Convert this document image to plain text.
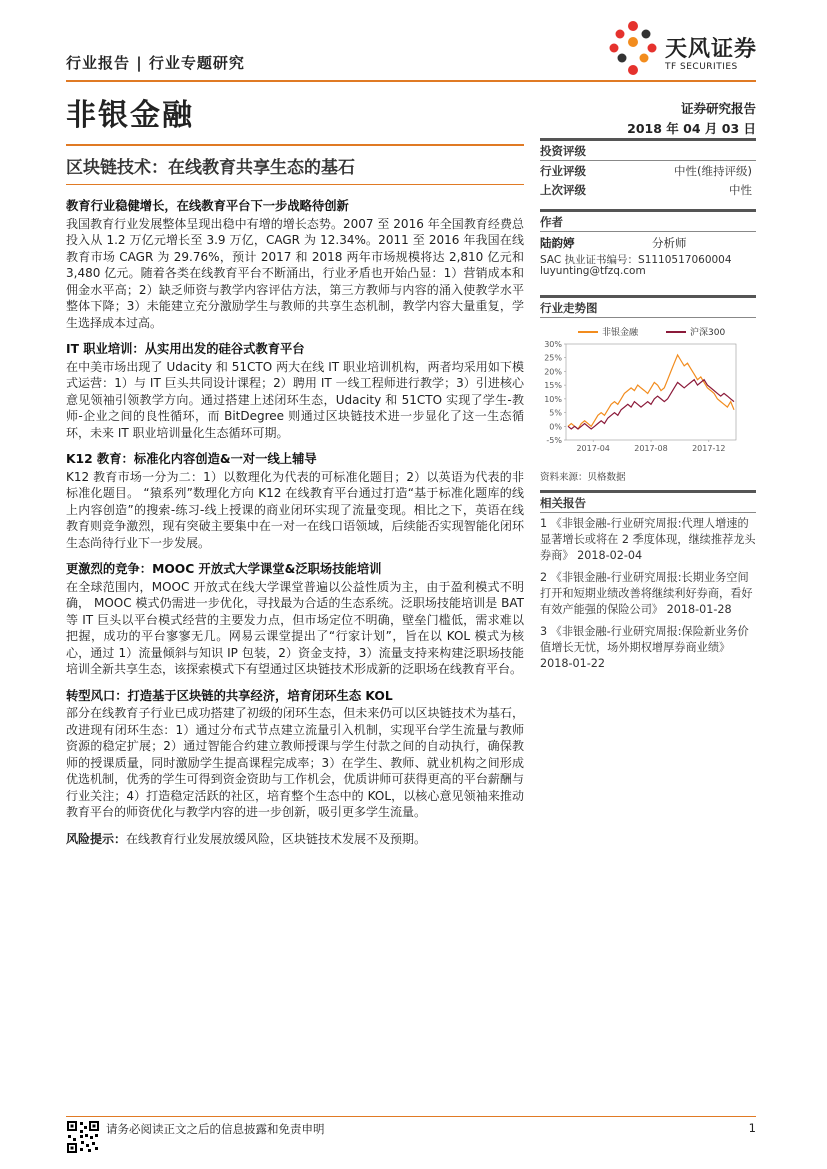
行业报告 | 行业专题研究
天风证券
TF SECURITIES
非银金融	证券研究报告
2018 年 04 月 03 日
区块链技术：在线教育共享生态的基石
教育行业稳健增长，在线教育平台下一步战略待创新
我国教育行业发展整体呈现出稳中有增的增长态势。2007 至 2016 年全国教育经费总投入从 1.2 万亿元增长至 3.9 万亿，CAGR 为 12.34%。2011 至 2016 年我国在线教育市场 CAGR 为 29.76%，预计 2017 和 2018 两年市场规模将达 2,810 亿元和 3,480 亿元。随着各类在线教育平台不断涌出，行业矛盾也开始凸显：1）营销成本和佣金水平高；2）缺乏师资与教学内容评估方法，第三方教师与内容的涌入使教学水平整体下降；3）未能建立充分激励学生与教师的共享生态机制，教学内容大量重复，学生选择成本过高。
IT 职业培训：从实用出发的硅谷式教育平台
在中美市场出现了 Udacity 和 51CTO 两大在线 IT 职业培训机构，两者均采用如下模式运营：1）与 IT 巨头共同设计课程；2）聘用 IT 一线工程师进行教学；3）引进核心意见领袖引领教学方向。通过搭建上述闭环生态，Udacity 和 51CTO 实现了学生-教师-企业之间的良性循环，而 BitDegree 则通过区块链技术进一步显化了这一生态循环，未来 IT 职业培训量化生态循环可期。
K12 教育：标准化内容创造&一对一线上辅导
K12 教育市场一分为二：1）以数理化为代表的可标准化题目；2）以英语为代表的非标准化题目。 “猿系列”数理化方向 K12 在线教育平台通过打造“基于标准化题库的线上内容创造”的搜索-练习-线上授课的商业闭环实现了流量变现。相比之下，英语在线教育则竞争激烈，现有突破主要集中在一对一在线口语领域，后续能否实现智能化闭环生态尚待行业下一步发展。
更激烈的竞争：MOOC 开放式大学课堂&泛职场技能培训
在全球范围内，MOOC 开放式在线大学课堂普遍以公益性质为主，由于盈利模式不明确， MOOC 模式仍需进一步优化，寻找最为合适的生态系统。泛职场技能培训是 BAT 等 IT 巨头以平台模式经营的主要发力点，但市场定位不明确，壁垒门槛低，需求难以把握，成功的平台寥寥无几。网易云课堂提出了“行家计划”，旨在以 KOL 模式为核心，通过 1）流量倾斜与知识 IP 包装，2）资金支持，3）流量支持来构建泛职场技能培训全新共享生态，该探索模式下有望通过区块链技术形成新的泛职场在线教育平台。
转型风口：打造基于区块链的共享经济，培育闭环生态 KOL
部分在线教育子行业已成功搭建了初级的闭环生态，但未来仍可以区块链技术为基石，改进现有闭环生态：1）通过分布式节点建立流量引入机制，实现平台学生流量与教师资源的稳定扩展；2）通过智能合约建立教师授课与学生付款之间的自动执行，确保教师的授课质量，同时激励学生提高课程完成率；3）在学生、教师、就业机构之间形成优选机制，优秀的学生可得到资金资助与工作机会，优质讲师可获得更高的平台薪酬与行业关注；4）打造稳定活跃的社区，培育整个生态中的 KOL，以核心意见领袖来推动教育平台的师资优化与教学内容的进一步创新，吸引更多学生流量。
风险提示：在线教育行业发展放缓风险，区块链技术发展不及预期。
投资评级
行业评级	中性(维持评级)
上次评级	中性
作者
陆韵婷	分析师
SAC 执业证书编号：S1110517060004
luyunting@tfzq.com
行业走势图
30%
25%
20%
15%
10%
5%
0%
-5%
2017-04	2017-08	2017-12
非银金融	沪深300
资料来源：贝格数据
相关报告
1 《非银金融-行业研究周报:代理人增速的显著增长或将在 2 季度体现，继续推荐龙头券商》 2018-02-04
2 《非银金融-行业研究周报:长期业务空间打开和短期业绩改善将继续利好券商，看好有效产能强的保险公司》 2018-01-28
3 《非银金融-行业研究周报:保险新业务价值增长无忧，场外期权增厚券商业绩》 2018-01-22
请务必阅读正文之后的信息披露和免责申明	1
